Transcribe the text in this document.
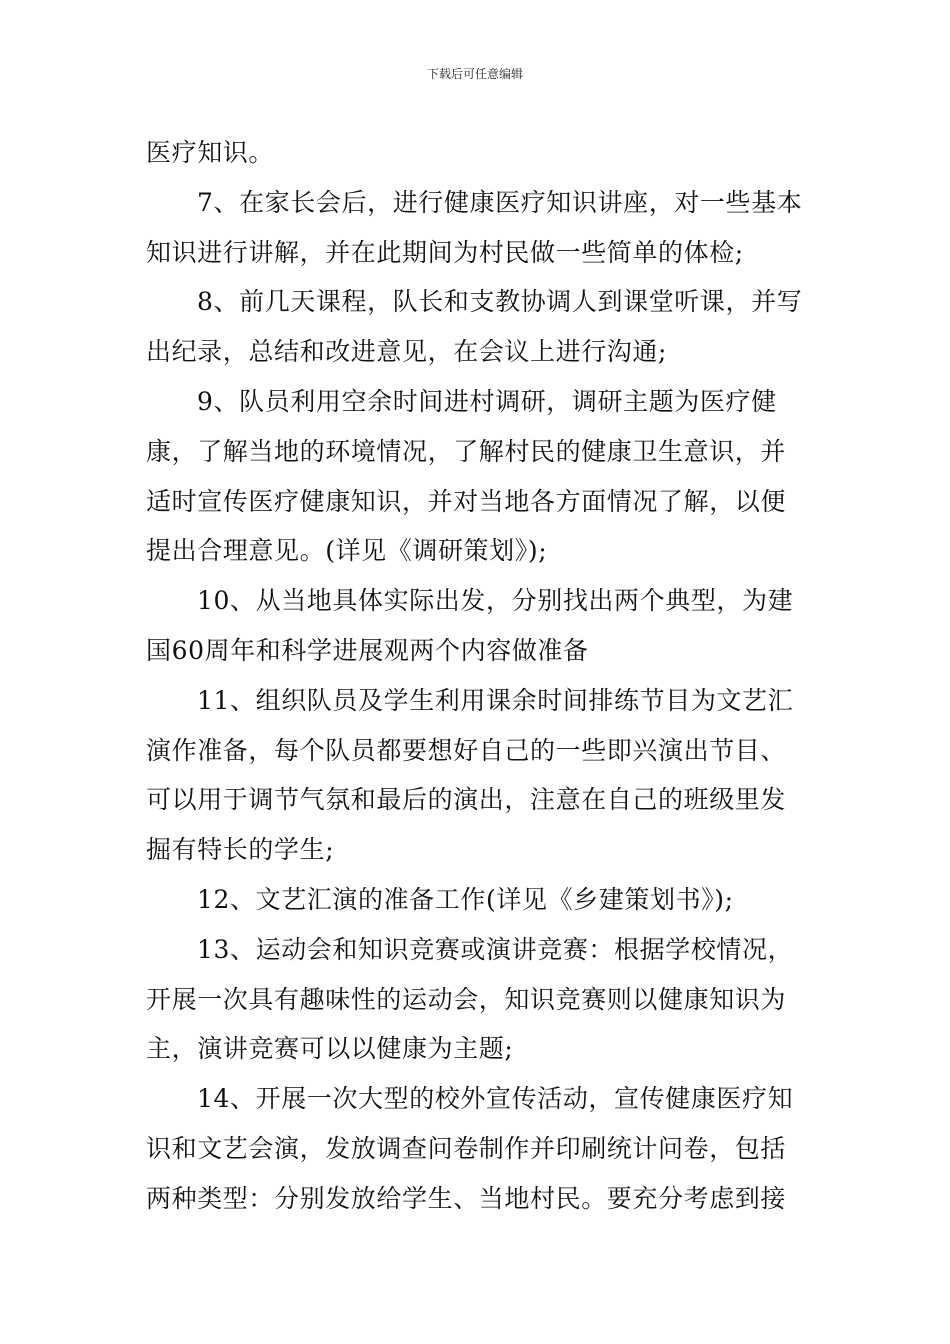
下载后可任意编辑

医疗知识。

7、在家长会后，进行健康医疗知识讲座，对一些基本知识进行讲解，并在此期间为村民做一些简单的体检;

8、前几天课程，队长和支教协调人到课堂听课，并写出纪录，总结和改进意见，在会议上进行沟通;

9、队员利用空余时间进村调研，调研主题为医疗健康，了解当地的环境情况，了解村民的健康卫生意识，并适时宣传医疗健康知识，并对当地各方面情况了解，以便提出合理意见。(详见《调研策划》);

10、从当地具体实际出发，分别找出两个典型，为建国60周年和科学进展观两个内容做准备

11、组织队员及学生利用课余时间排练节目为文艺汇演作准备，每个队员都要想好自己的一些即兴演出节目、可以用于调节气氛和最后的演出，注意在自己的班级里发掘有特长的学生;

12、文艺汇演的准备工作(详见《乡建策划书》);

13、运动会和知识竞赛或演讲竞赛：根据学校情况，开展一次具有趣味性的运动会，知识竞赛则以健康知识为主，演讲竞赛可以以健康为主题;

14、开展一次大型的校外宣传活动，宣传健康医疗知识和文艺会演，发放调查问卷制作并印刷统计问卷，包括两种类型：分别发放给学生、当地村民。要充分考虑到接
